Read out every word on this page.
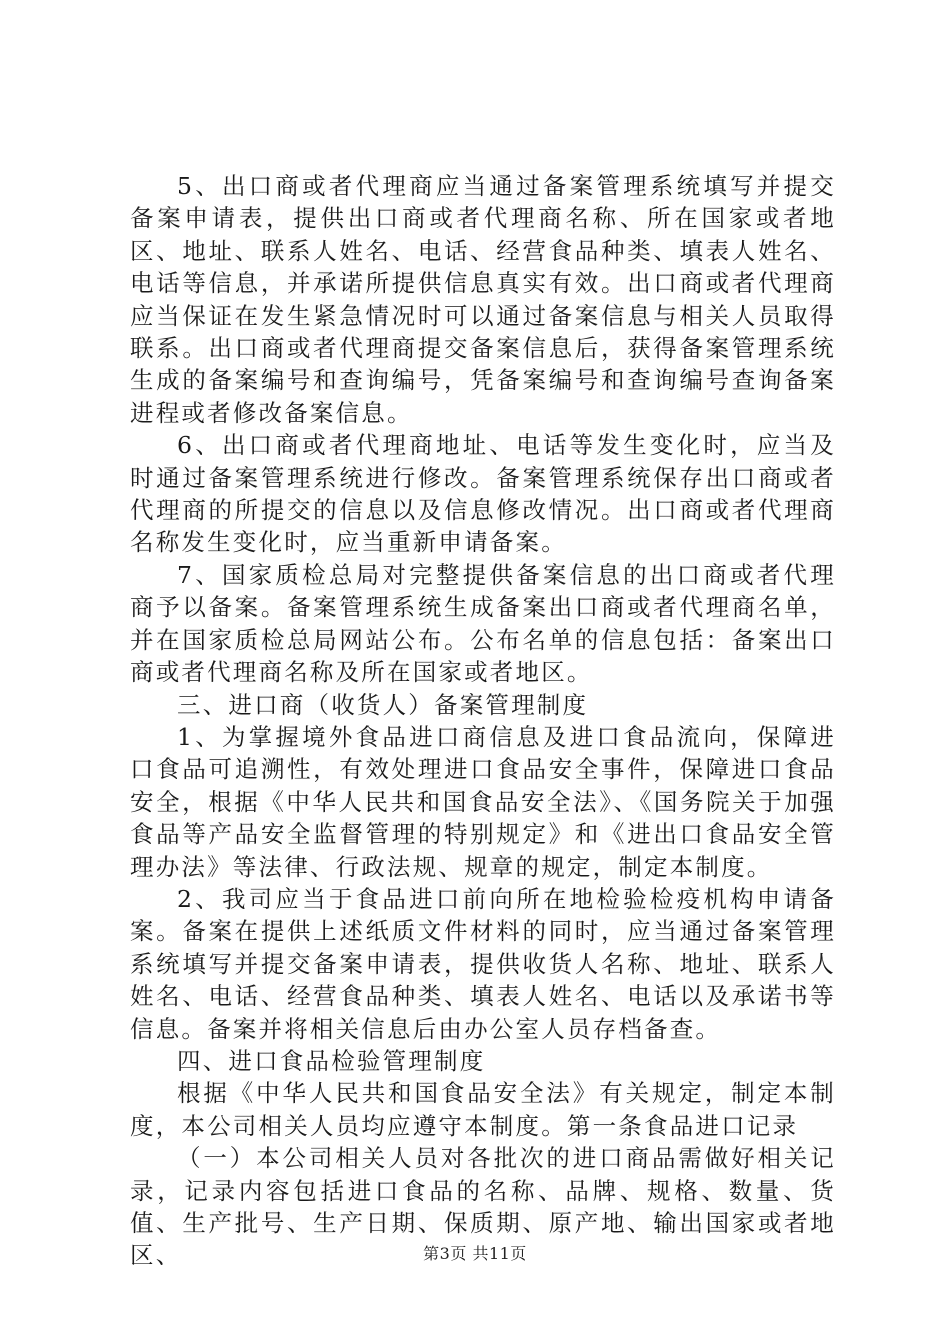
5、出口商或者代理商应当通过备案管理系统填写并提交备案申请表，提供出口商或者代理商名称、所在国家或者地区、地址、联系人姓名、电话、经营食品种类、填表人姓名、电话等信息，并承诺所提供信息真实有效。出口商或者代理商应当保证在发生紧急情况时可以通过备案信息与相关人员取得联系。出口商或者代理商提交备案信息后，获得备案管理系统生成的备案编号和查询编号，凭备案编号和查询编号查询备案进程或者修改备案信息。

6、出口商或者代理商地址、电话等发生变化时，应当及时通过备案管理系统进行修改。备案管理系统保存出口商或者代理商的所提交的信息以及信息修改情况。出口商或者代理商名称发生变化时，应当重新申请备案。

7、国家质检总局对完整提供备案信息的出口商或者代理商予以备案。备案管理系统生成备案出口商或者代理商名单，并在国家质检总局网站公布。公布名单的信息包括：备案出口商或者代理商名称及所在国家或者地区。

三、进口商（收货人）备案管理制度

1、为掌握境外食品进口商信息及进口食品流向，保障进口食品可追溯性，有效处理进口食品安全事件，保障进口食品安全，根据《中华人民共和国食品安全法》、《国务院关于加强食品等产品安全监督管理的特别规定》和《进出口食品安全管理办法》等法律、行政法规、规章的规定，制定本制度。

2、我司应当于食品进口前向所在地检验检疫机构申请备案。备案在提供上述纸质文件材料的同时，应当通过备案管理系统填写并提交备案申请表，提供收货人名称、地址、联系人姓名、电话、经营食品种类、填表人姓名、电话以及承诺书等信息。备案并将相关信息后由办公室人员存档备查。

四、进口食品检验管理制度

根据《中华人民共和国食品安全法》有关规定，制定本制度，本公司相关人员均应遵守本制度。第一条食品进口记录

（一）本公司相关人员对各批次的进口商品需做好相关记录，记录内容包括进口食品的名称、品牌、规格、数量、货值、生产批号、生产日期、保质期、原产地、输出国家或者地区、	第3页 共11页
